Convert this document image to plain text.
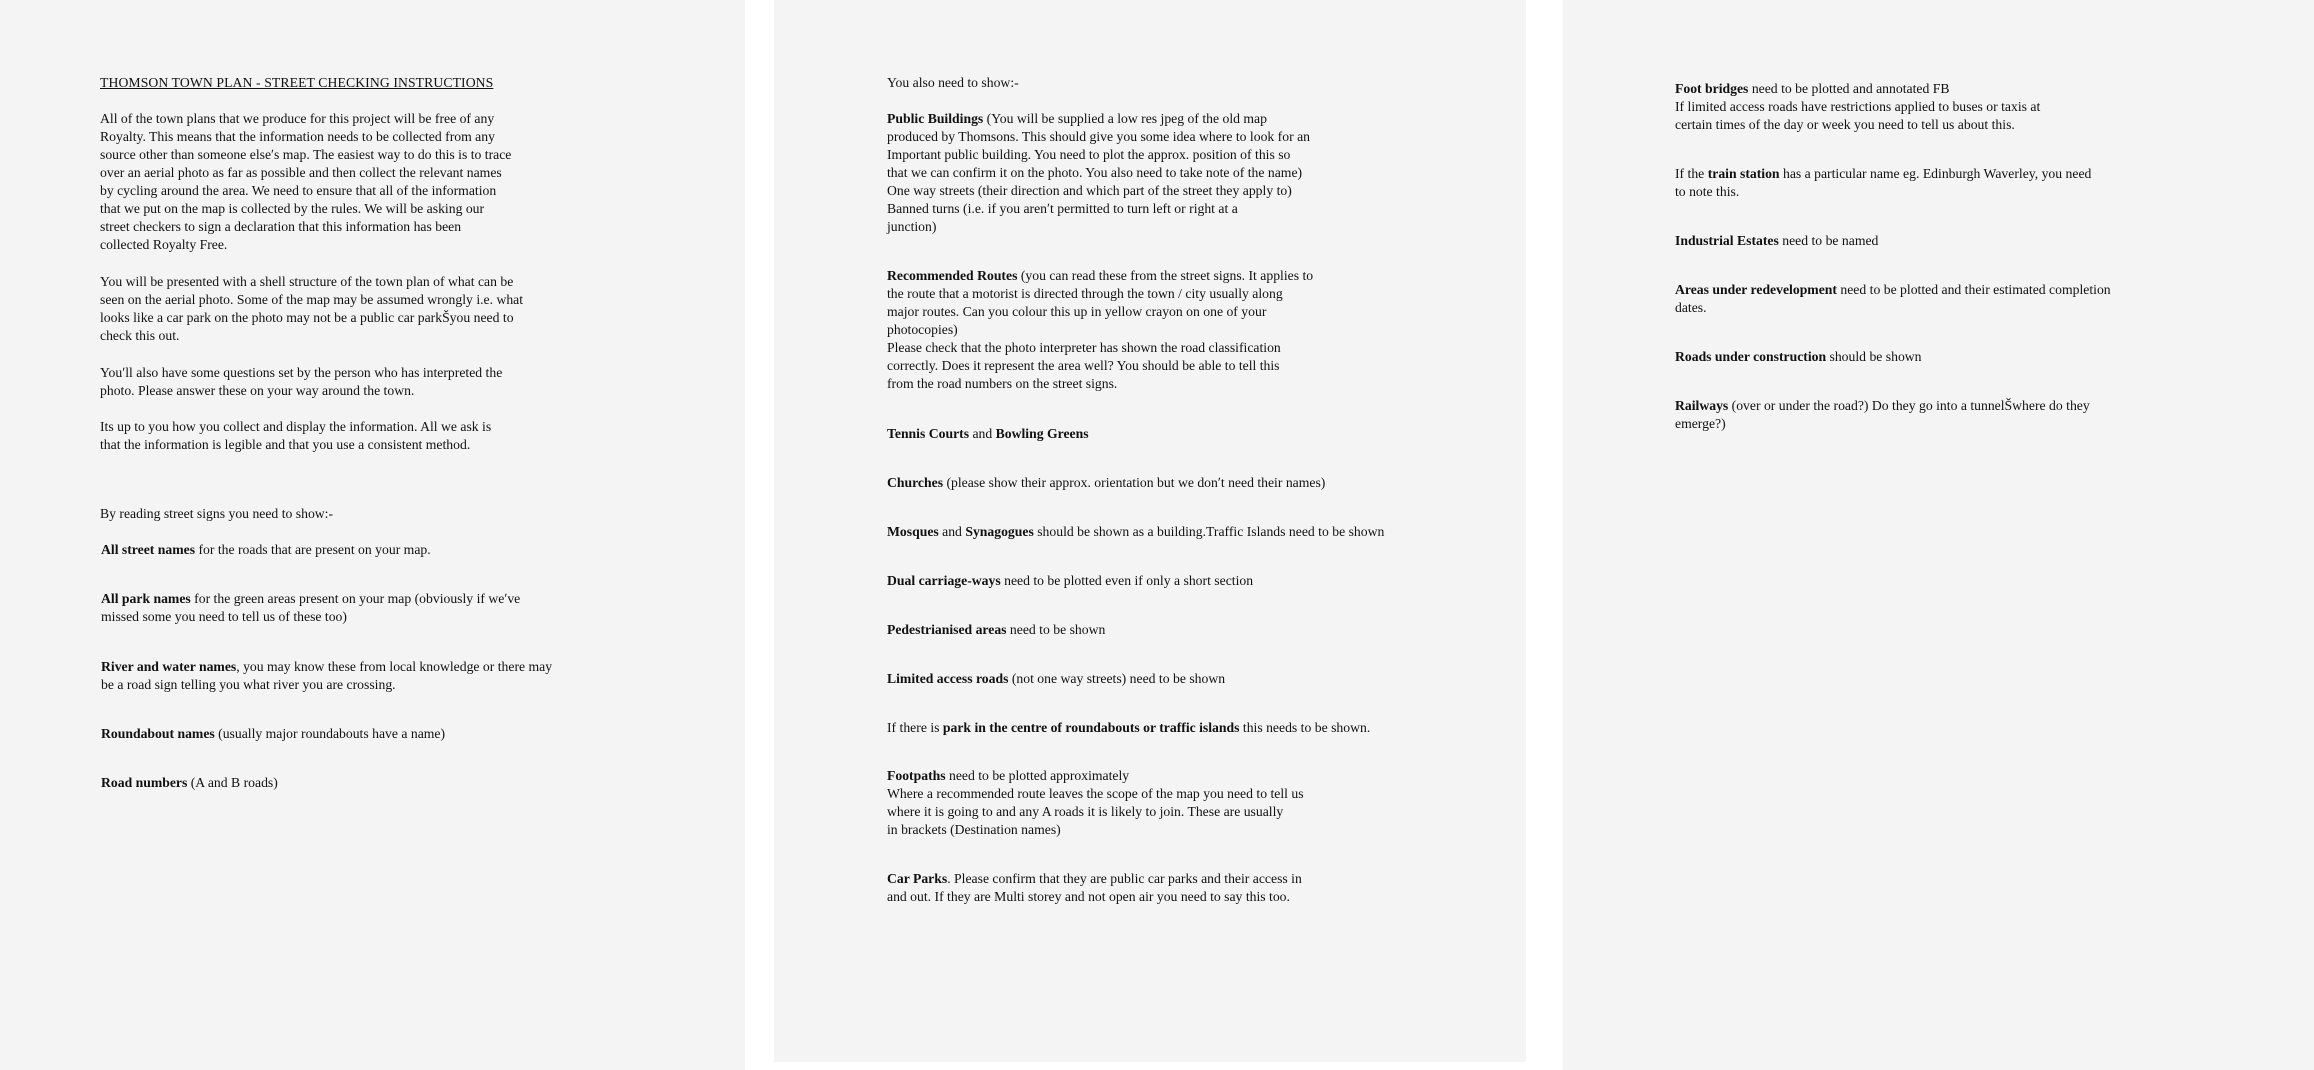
THOMSON TOWN PLAN - STREET CHECKING INSTRUCTIONS

All of the town plans that we produce for this project will be free of any
Royalty. This means that the information needs to be collected from any
source other than someone elseʹs map. The easiest way to do this is to trace
over an aerial photo as far as possible and then collect the relevant names
by cycling around the area. We need to ensure that all of the information
that we put on the map is collected by the rules. We will be asking our
street checkers to sign a declaration that this information has been
collected Royalty Free.

You will be presented with a shell structure of the town plan of what can be
seen on the aerial photo. Some of the map may be assumed wrongly i.e. what
looks like a car park on the photo may not be a public car parkŠyou need to
check this out.

Youʹll also have some questions set by the person who has interpreted the
photo. Please answer these on your way around the town.

Its up to you how you collect and display the information. All we ask is
that the information is legible and that you use a consistent method.

By reading street signs you need to show:-

All street names for the roads that are present on your map.

All park names for the green areas present on your map (obviously if weʹve
missed some you need to tell us of these too)

River and water names, you may know these from local knowledge or there may
be a road sign telling you what river you are crossing.

Roundabout names (usually major roundabouts have a name)

Road numbers (A and B roads)

You also need to show:-

Public Buildings (You will be supplied a low res jpeg of the old map
produced by Thomsons. This should give you some idea where to look for an
Important public building. You need to plot the approx. position of this so
that we can confirm it on the photo. You also need to take note of the name)
One way streets (their direction and which part of the street they apply to)
Banned turns (i.e. if you arenʹt permitted to turn left or right at a
junction)

Recommended Routes (you can read these from the street signs. It applies to
the route that a motorist is directed through the town / city usually along
major routes. Can you colour this up in yellow crayon on one of your
photocopies)
Please check that the photo interpreter has shown the road classification
correctly. Does it represent the area well? You should be able to tell this
from the road numbers on the street signs.

Tennis Courts and Bowling Greens

Churches (please show their approx. orientation but we donʹt need their names)

Mosques and Synagogues should be shown as a building.Traffic Islands need to be shown

Dual carriage-ways need to be plotted even if only a short section

Pedestrianised areas need to be shown

Limited access roads (not one way streets) need to be shown

If there is park in the centre of roundabouts or traffic islands this needs to be shown.

Footpaths need to be plotted approximately
Where a recommended route leaves the scope of the map you need to tell us
where it is going to and any A roads it is likely to join. These are usually
in brackets (Destination names)

Car Parks. Please confirm that they are public car parks and their access in
and out. If they are Multi storey and not open air you need to say this too.

Foot bridges need to be plotted and annotated FB
If limited access roads have restrictions applied to buses or taxis at
certain times of the day or week you need to tell us about this.

If the train station has a particular name eg. Edinburgh Waverley, you need
to note this.

Industrial Estates need to be named

Areas under redevelopment need to be plotted and their estimated completion
dates.

Roads under construction should be shown

Railways (over or under the road?) Do they go into a tunnelŠwhere do they
emerge?)
